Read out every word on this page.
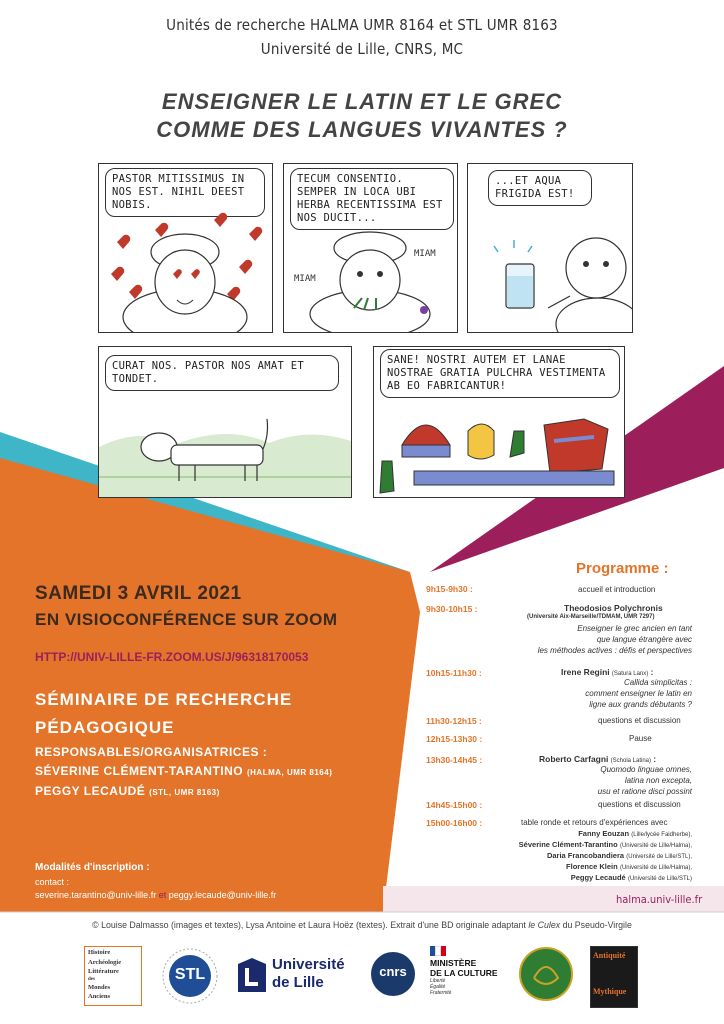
Unités de recherche HALMA UMR 8164 et STL UMR 8163
Université de Lille, CNRS, MC
ENSEIGNER LE LATIN ET LE GREC
COMME DES LANGUES VIVANTES ?
PASTOR MITISSIMUS IN NOS EST. NIHIL DEEST NOBIS.
TECUM CONSENTIO. SEMPER IN LOCA UBI HERBA RECENTISSIMA EST NOS DUCIT...
MIAM
MIAM
...ET AQUA FRIGIDA EST!
CURAT NOS. PASTOR NOS AMAT ET TONDET.
SANE! NOSTRI AUTEM ET LANAE NOSTRAE GRATIA PULCHRA VESTIMENTA AB EO FABRICANTUR!
SAMEDI 3 AVRIL 2021
EN VISIOCONFÉRENCE SUR ZOOM
HTTP://UNIV-LILLE-FR.ZOOM.US/J/96318170053
SÉMINAIRE DE RECHERCHE
PÉDAGOGIQUE
RESPONSABLES/ORGANISATRICES :
SÉVERINE CLÉMENT-TARANTINO (HALMA, UMR 8164)
PEGGY LECAUDÉ (STL, UMR 8163)
Modalités d'inscription :
contact :
severine.tarantino@univ-lille.fr et peggy.lecaude@univ-lille.fr
Programme :
9h15-9h30 :	accueil et introduction
9h30-10h15 :	Theodosios Polychronis
(Université Aix-Marseille/TDMAM, UMR 7297)
Enseigner le grec ancien en tant
que langue étrangère avec
les méthodes actives : défis et perspectives
10h15-11h30 :	Irene Regini (Satura Lanx) :
Callida simplicitas :
comment enseigner le latin en
ligne aux grands débutants ?
11h30-12h15 :	questions et discussion
12h15-13h30 :	Pause
13h30-14h45 :	Roberto Carfagni (Schola Latina) :
Quomodo linguae omnes,
latina non excepta,
usu et ratione disci possint
14h45-15h00 :	questions et discussion
15h00-16h00 :	table ronde et retours d'expériences avec
Fanny Eouzan (Lille/lycée Faidherbe),
Séverine Clément-Tarantino (Université de Lille/Halma),
Daria Francobandiera (Université de Lille/STL),
Florence Klein (Université de Lille/Halma),
Peggy Lecaudé (Université de Lille/STL)
halma.univ-lille.fr
© Louise Dalmasso (images et textes), Lysa Antoine et Laura Hoëz (textes). Extrait d'une BD originale adaptant le Culex du Pseudo-Virgile
Histoire
Archéologie
Littérature
des
Mondes
Anciens
STL
Université
de Lille
cnrs
MINISTÈRE
DE LA CULTURE
Liberté
Égalité
Fraternité
Antiquité
Mythique
